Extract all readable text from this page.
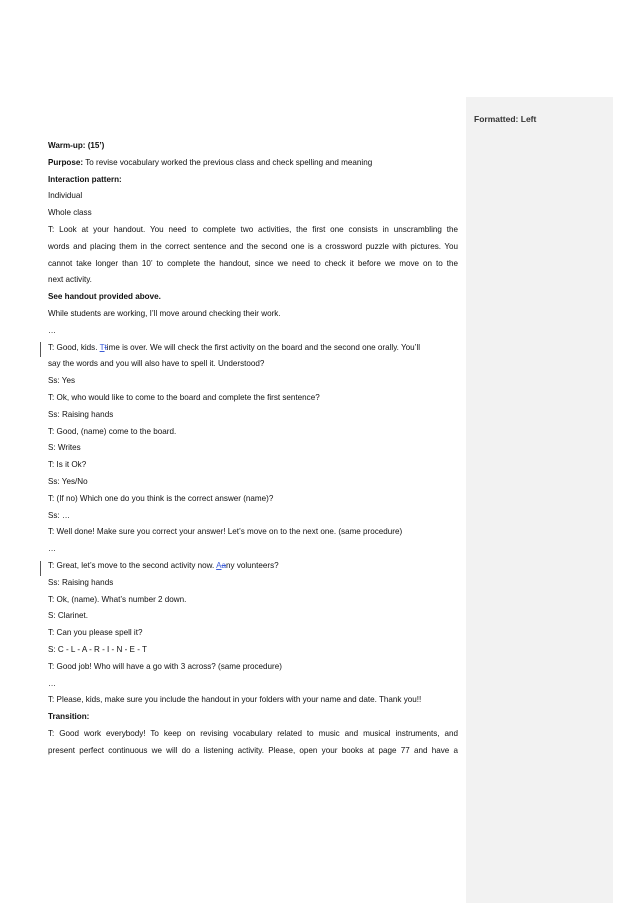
Formatted: Left
Warm-up: (15’)
Purpose: To revise vocabulary worked the previous class and check spelling and meaning
Interaction pattern:
Individual
Whole class
T: Look at your handout. You need to complete two activities, the first one consists in unscrambling the
words and placing them in the correct sentence and the second one is a crossword puzzle with pictures. You
cannot take longer than 10’ to complete the handout, since we need to check it before we move on to the
next activity.
See handout provided above.
While students are working, I’ll move around checking their work.
…
T: Good, kids. Ttime is over. We will check the first activity on the board and the second one orally. You’ll
say the words and you will also have to spell it. Understood?
Ss: Yes
T: Ok, who would like to come to the board and complete the first sentence?
Ss: Raising hands
T: Good, (name) come to the board.
S: Writes
T: Is it Ok?
Ss: Yes/No
T: (If no) Which one do you think is the correct answer (name)?
Ss: …
T: Well done! Make sure you correct your answer! Let’s move on to the next one. (same procedure)
…
T: Great, let’s move to the second activity now. Aany volunteers?
Ss: Raising hands
T: Ok, (name). What’s number 2 down.
S: Clarinet.
T: Can you please spell it?
S: C - L - A - R - I - N - E - T
T: Good job! Who will have a go with 3 across? (same procedure)
…
T: Please, kids, make sure you include the handout in your folders with your name and date. Thank you!!
Transition:
T: Good work everybody! To keep on revising vocabulary related to music and musical instruments, and
present perfect continuous we will do a listening activity. Please, open your books at page 77 and have a
